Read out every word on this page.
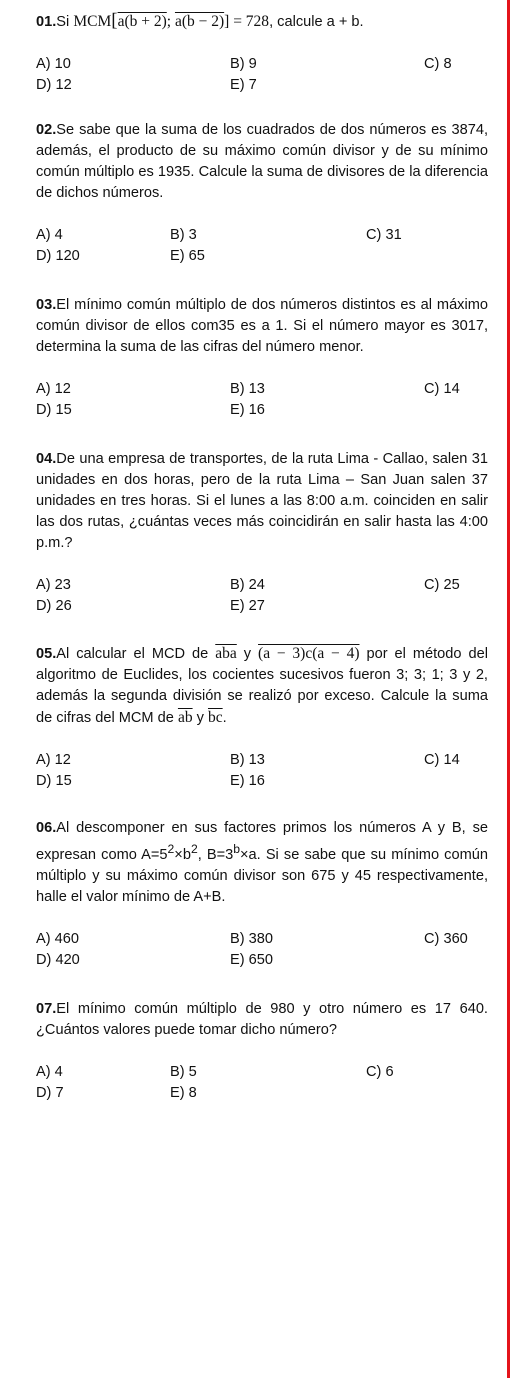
01.Si MCM[a(b + 2); a(b − 2)] = 728, calcule a + b.

A) 10	B) 9	C) 8
D) 12	E) 7

02.Se sabe que la suma de los cuadrados de dos números es 3874, además, el producto de su máximo común divisor y de su mínimo común múltiplo es 1935. Calcule la suma de divisores de la diferencia de dichos números.

A) 4	B) 3	C) 31
D) 120	E) 65

03.El mínimo común múltiplo de dos números distintos es al máximo común divisor de ellos com35 es a 1. Si el número mayor es 3017, determina la suma de las cifras del número menor.

A) 12	B) 13	C) 14
D) 15	E) 16

04.De una empresa de transportes, de la ruta Lima - Callao, salen 31 unidades en dos horas, pero de la ruta Lima – San Juan salen 37 unidades en tres horas. Si el lunes a las 8:00 a.m. coinciden en salir las dos rutas, ¿cuántas veces más coincidirán en salir hasta las 4:00 p.m.?

A) 23	B) 24	C) 25
D) 26	E) 27

05.Al calcular el MCD de $\overline{aba}$ y (a − 3)c(a − 4) por el método del algoritmo de Euclides, los cocientes sucesivos fueron 3; 3; 1; 3 y 2, además la segunda división se realizó por exceso. Calcule la suma de cifras del MCM de $\overline{ab}$ y $\overline{bc}$.

A) 12	B) 13	C) 14
D) 15	E) 16

06.Al descomponer en sus factores primos los números A y B, se expresan como $A=5^2\times b^2$, $B=3^b\times a$. Si se sabe que su mínimo común múltiplo y su máximo común divisor son 675 y 45 respectivamente, halle el valor mínimo de A+B.

A) 460	B) 380	C) 360
D) 420	E) 650

07.El mínimo común múltiplo de 980 y otro número es 17 640. ¿Cuántos valores puede tomar dicho número?

A) 4	B) 5	C) 6
D) 7	E) 8
